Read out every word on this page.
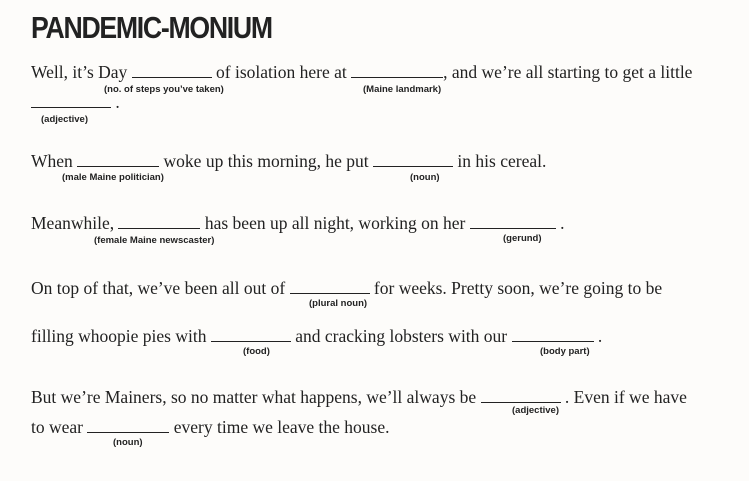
PANDEMIC-MONIUM
Well, it’s Day	of isolation here at	, and we’re all starting to get a little
(no. of steps you’ve taken)	(Maine landmark)
.
(adjective)
When	woke up this morning, he put	in his cereal.
(male Maine politician)	(noun)
Meanwhile,	has been up all night, working on her	.
(female Maine newscaster)	(gerund)
On top of that, we’ve been all out of	for weeks. Pretty soon, we’re going to be
(plural noun)
filling whoopie pies with	and cracking lobsters with our	.
(food)	(body part)
But we’re Mainers, so no matter what happens, we’ll always be	. Even if we have
(adjective)
to wear	every time we leave the house.
(noun)
